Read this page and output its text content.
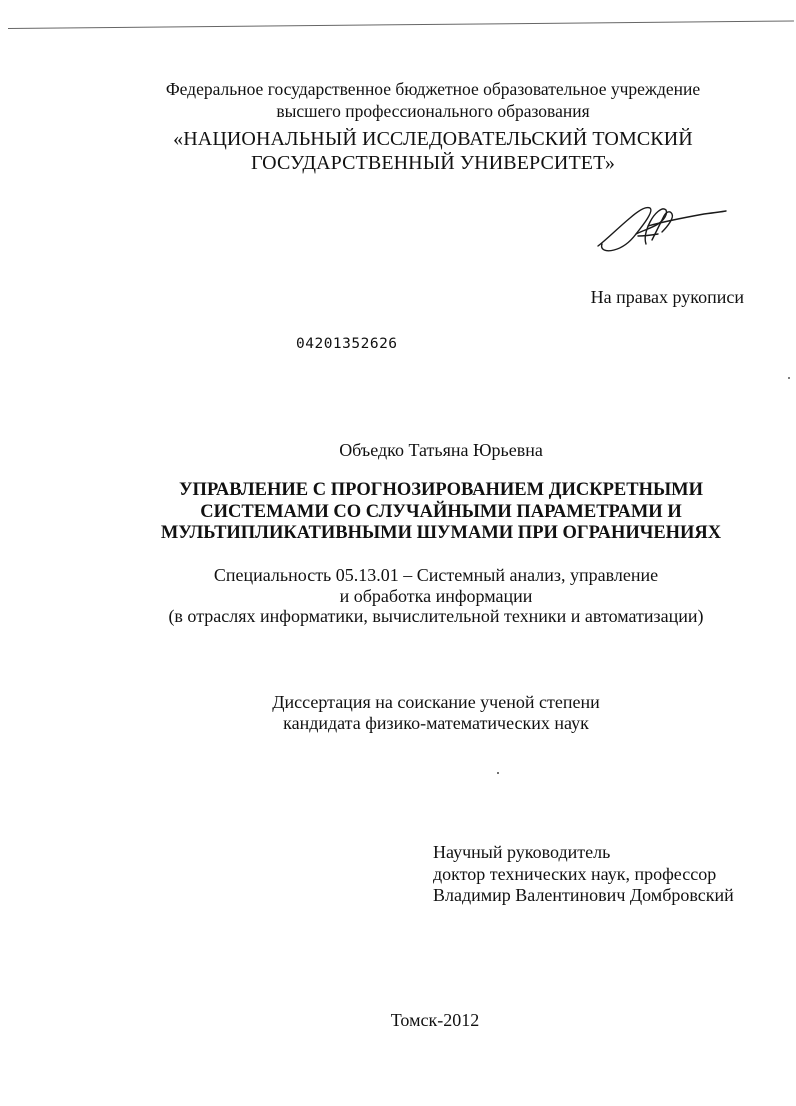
Федеральное государственное бюджетное образовательное учреждение
высшего профессионального образования
«НАЦИОНАЛЬНЫЙ ИССЛЕДОВАТЕЛЬСКИЙ ТОМСКИЙ
ГОСУДАРСТВЕННЫЙ УНИВЕРСИТЕТ»
На правах рукописи
04201352626
Объедко Татьяна Юрьевна
УПРАВЛЕНИЕ С ПРОГНОЗИРОВАНИЕМ ДИСКРЕТНЫМИ
СИСТЕМАМИ СО СЛУЧАЙНЫМИ ПАРАМЕТРАМИ И
МУЛЬТИПЛИКАТИВНЫМИ ШУМАМИ ПРИ ОГРАНИЧЕНИЯХ
Специальность 05.13.01 – Системный анализ, управление
и обработка информации
(в отраслях информатики, вычислительной техники и автоматизации)
Диссертация на соискание ученой степени
кандидата физико-математических наук
Научный руководитель
доктор технических наук, профессор
Владимир Валентинович Домбровский
Томск-2012
